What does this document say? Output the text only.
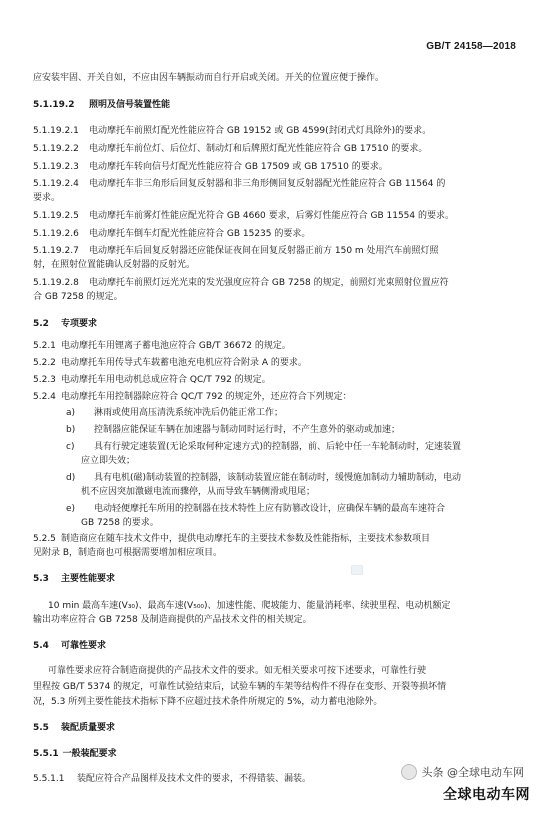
GB/T 24158—2018
应安装牢固、开关自如，不应由因车辆振动而自行开启或关闭。开关的位置应便于操作。
5.1.19.2 照明及信号装置性能
5.1.19.2.1 电动摩托车前照灯配光性能应符合 GB 19152 或 GB 4599(封闭式灯具除外)的要求。
5.1.19.2.2 电动摩托车前位灯、后位灯、制动灯和后牌照灯配光性能应符合 GB 17510 的要求。
5.1.19.2.3 电动摩托车转向信号灯配光性能应符合 GB 17509 或 GB 17510 的要求。
5.1.19.2.4 电动摩托车非三角形后回复反射器和非三角形侧回复反射器配光性能应符合 GB 11564 的
要求。
5.1.19.2.5 电动摩托车前雾灯性能应配光符合 GB 4660 要求，后雾灯性能应符合 GB 11554 的要求。
5.1.19.2.6 电动摩托车倒车灯配光性能应符合 GB 15235 的要求。
5.1.19.2.7 电动摩托车后回复反射器还应能保证夜间在回复反射器正前方 150 m 处用汽车前照灯照
射，在照射位置能确认反射器的反射光。
5.1.19.2.8 电动摩托车前照灯远光光束的发光强度应符合 GB 7258 的规定，前照灯光束照射位置应符
合 GB 7258 的规定。
5.2 专项要求
5.2.1 电动摩托车用锂离子蓄电池应符合 GB/T 36672 的规定。
5.2.2 电动摩托车用传导式车载蓄电池充电机应符合附录 A 的要求。
5.2.3 电动摩托车用电动机总成应符合 QC/T 792 的规定。
5.2.4 电动摩托车用控制器除应符合 QC/T 792 的规定外，还应符合下列规定：
a) 淋雨或使用高压清洗系统冲洗后仍能正常工作；
b) 控制器应能保证车辆在加速器与制动同时运行时，不产生意外的驱动或加速；
c) 具有行驶定速装置(无论采取何种定速方式)的控制器，前、后轮中任一车轮制动时，定速装置
应立即失效；
d) 具有电机(磁)制动装置的控制器，该制动装置应能在制动时，缓慢施加制动力辅助制动，电动
机不应因突加激磁电流而骤停，从而导致车辆侧滑或甩尾；
e) 电动轻便摩托车所用的控制器在技术特性上应有防篡改设计，应确保车辆的最高车速符合
GB 7258 的要求。
5.2.5 制造商应在随车技术文件中，提供电动摩托车的主要技术参数及性能指标，主要技术参数项目
见附录 B，制造商也可根据需要增加相应项目。
5.3 主要性能要求
10 min 最高车速(V₃₀)、最高车速(V₅₀₀)、加速性能、爬坡能力、能量消耗率、续驶里程、电动机额定
输出功率应符合 GB 7258 及制造商提供的产品技术文件的相关规定。
5.4 可靠性要求
可靠性要求应符合制造商提供的产品技术文件的要求。如无相关要求可按下述要求，可靠性行驶
里程按 GB/T 5374 的规定，可靠性试验结束后，试验车辆的车架等结构件不得存在变形、开裂等损坏情
况，5.3 所列主要性能技术指标下降不应超过技术条件所规定的 5%，动力蓄电池除外。
5.5 装配质量要求
5.5.1 一般装配要求
5.5.1.1 装配应符合产品图样及技术文件的要求，不得错装、漏装。	头条 @全球电动车网
全球电动车网
